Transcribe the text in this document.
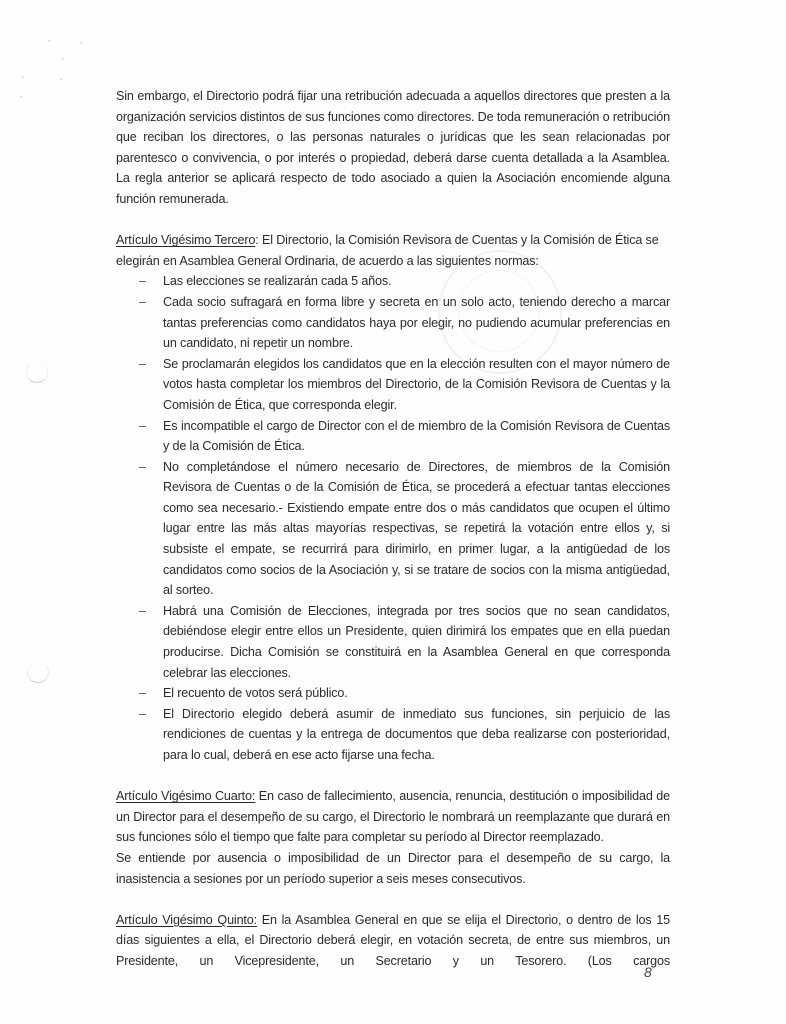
Sin embargo, el Directorio podrá fijar una retribución adecuada a aquellos directores que presten a la organización servicios distintos de sus funciones como directores. De toda remuneración o retribución que reciban los directores, o las personas naturales o jurídicas que les sean relacionadas por parentesco o convivencia, o por interés o propiedad, deberá darse cuenta detallada a la Asamblea. La regla anterior se aplicará respecto de todo asociado a quien la Asociación encomiende alguna función remunerada.

Artículo Vigésimo Tercero: El Directorio, la Comisión Revisora de Cuentas y la Comisión de Ética se elegirán en Asamblea General Ordinaria, de acuerdo a las siguientes normas:

– Las elecciones se realizarán cada 5 años.
– Cada socio sufragará en forma libre y secreta en un solo acto, teniendo derecho a marcar tantas preferencias como candidatos haya por elegir, no pudiendo acumular preferencias en un candidato, ni repetir un nombre.
– Se proclamarán elegidos los candidatos que en la elección resulten con el mayor número de votos hasta completar los miembros del Directorio, de la Comisión Revisora de Cuentas y la Comisión de Ética, que corresponda elegir.
– Es incompatible el cargo de Director con el de miembro de la Comisión Revisora de Cuentas y de la Comisión de Ética.
– No completándose el número necesario de Directores, de miembros de la Comisión Revisora de Cuentas o de la Comisión de Ética, se procederá a efectuar tantas elecciones como sea necesario.- Existiendo empate entre dos o más candidatos que ocupen el último lugar entre las más altas mayorías respectivas, se repetirá la votación entre ellos y, si subsiste el empate, se recurrirá para dirimirlo, en primer lugar, a la antigüedad de los candidatos como socios de la Asociación y, si se tratare de socios con la misma antigüedad, al sorteo.
– Habrá una Comisión de Elecciones, integrada por tres socios que no sean candidatos, debiéndose elegir entre ellos un Presidente, quien dirimirá los empates que en ella puedan producirse. Dicha Comisión se constituirá en la Asamblea General en que corresponda celebrar las elecciones.
– El recuento de votos será público.
– El Directorio elegido deberá asumir de inmediato sus funciones, sin perjuicio de las rendiciones de cuentas y la entrega de documentos que deba realizarse con posterioridad, para lo cual, deberá en ese acto fijarse una fecha.

Artículo Vigésimo Cuarto: En caso de fallecimiento, ausencia, renuncia, destitución o imposibilidad de un Director para el desempeño de su cargo, el Directorio le nombrará un reemplazante que durará en sus funciones sólo el tiempo que falte para completar su período al Director reemplazado.

Se entiende por ausencia o imposibilidad de un Director para el desempeño de su cargo, la inasistencia a sesiones por un período superior a seis meses consecutivos.

Artículo Vigésimo Quinto: En la Asamblea General en que se elija el Directorio, o dentro de los 15 días siguientes a ella, el Directorio deberá elegir, en votación secreta, de entre sus miembros, un Presidente, un Vicepresidente, un Secretario y un Tesorero. (Los cargos

8
